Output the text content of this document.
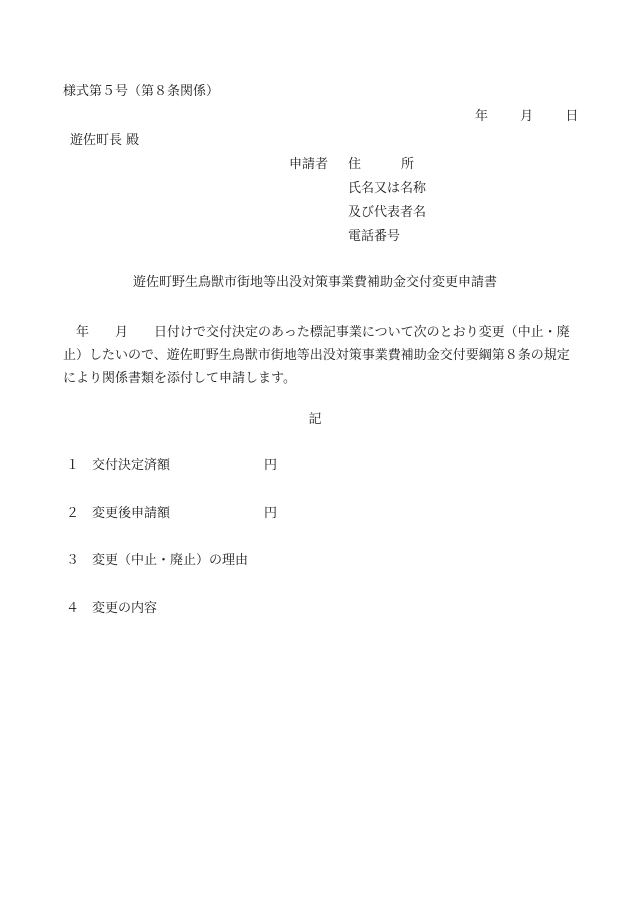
様式第５号（第８条関係）
年 月 日
遊佐町長 殿
申請者 住所
氏名又は名称
及び代表者名
電話番号
遊佐町野生鳥獣市街地等出没対策事業費補助金交付変更申請書
年 月 日付けで交付決定のあった標記事業について次のとおり変更（中止・廃止）したいので、遊佐町野生鳥獣市街地等出没対策事業費補助金交付要綱第８条の規定により関係書類を添付して申請します。
記
１ 交付決定済額	円
２ 変更後申請額	円
３ 変更（中止・廃止）の理由
４ 変更の内容
